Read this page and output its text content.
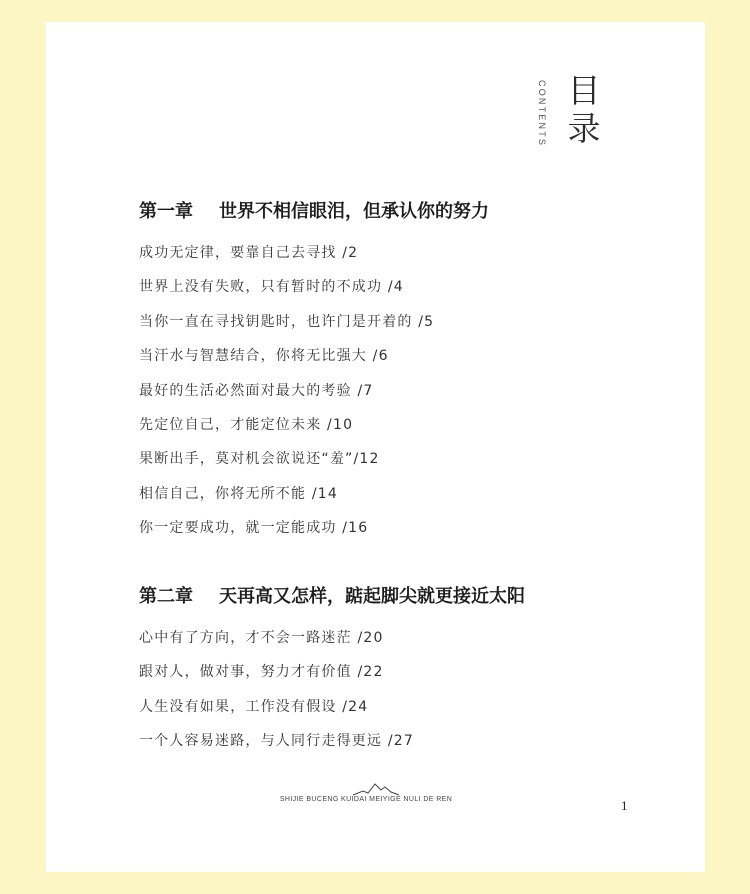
CONTENTS 目录
第一章 世界不相信眼泪，但承认你的努力
成功无定律，要靠自己去寻找 /2
世界上没有失败，只有暂时的不成功 /4
当你一直在寻找钥匙时，也许门是开着的 /5
当汗水与智慧结合，你将无比强大 /6
最好的生活必然面对最大的考验 /7
先定位自己，才能定位未来 /10
果断出手，莫对机会欲说还“羞”/12
相信自己，你将无所不能 /14
你一定要成功，就一定能成功 /16
第二章 天再高又怎样，踮起脚尖就更接近太阳
心中有了方向，才不会一路迷茫 /20
跟对人，做对事，努力才有价值 /22
人生没有如果，工作没有假设 /24
一个人容易迷路，与人同行走得更远 /27
SHIJIE BUCENG KUIDAI MEIYIGE NULI DE REN	1
